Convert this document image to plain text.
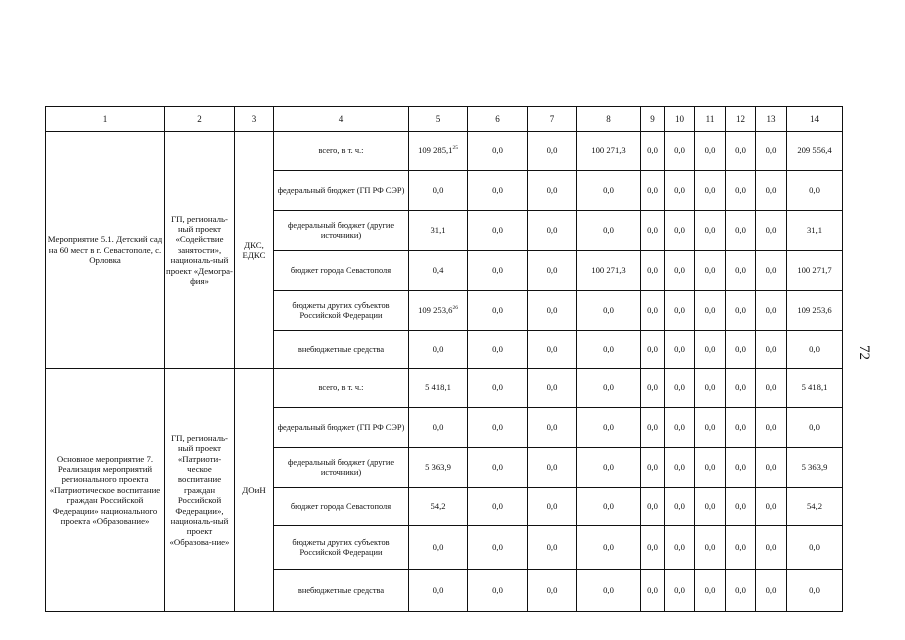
1	2	3	4	5	6	7	8	9	10	11	12	13	14
Мероприятие 5.1. Детский сад на 60 мест в г. Севастополе, с. Орловка	ГП, региональ-ный проект «Содействие занятости», националь-ный проект «Демогра-фия»	ДКС, ЕДКС	всего, в т. ч.:	109 285,1$^{25}$	0,0	0,0	100 271,3	0,0	0,0	0,0	0,0	0,0	209 556,4
			федеральный бюджет (ГП РФ СЭР)	0,0	0,0	0,0	0,0	0,0	0,0	0,0	0,0	0,0	0,0
			федеральный бюджет (другие источники)	31,1	0,0	0,0	0,0	0,0	0,0	0,0	0,0	0,0	31,1
			бюджет города Севастополя	0,4	0,0	0,0	100 271,3	0,0	0,0	0,0	0,0	0,0	100 271,7
			бюджеты других субъектов Российской Федерации	109 253,6$^{26}$	0,0	0,0	0,0	0,0	0,0	0,0	0,0	0,0	109 253,6
			внебюджетные средства	0,0	0,0	0,0	0,0	0,0	0,0	0,0	0,0	0,0	0,0
Основное мероприятие 7. Реализация мероприятий регионального проекта «Патриотическое воспитание граждан Российской Федерации» национального проекта «Образование»	ГП, региональ-ный проект «Патриоти-ческое воспитание граждан Российской Федерации», националь-ный проект «Образова-ние»	ДОиН	всего, в т. ч.:	5 418,1	0,0	0,0	0,0	0,0	0,0	0,0	0,0	0,0	5 418,1
			федеральный бюджет (ГП РФ СЭР)	0,0	0,0	0,0	0,0	0,0	0,0	0,0	0,0	0,0	0,0
			федеральный бюджет (другие источники)	5 363,9	0,0	0,0	0,0	0,0	0,0	0,0	0,0	0,0	5 363,9
			бюджет города Севастополя	54,2	0,0	0,0	0,0	0,0	0,0	0,0	0,0	0,0	54,2
			бюджеты других субъектов Российской Федерации	0,0	0,0	0,0	0,0	0,0	0,0	0,0	0,0	0,0	0,0
			внебюджетные средства	0,0	0,0	0,0	0,0	0,0	0,0	0,0	0,0	0,0	0,0
72
